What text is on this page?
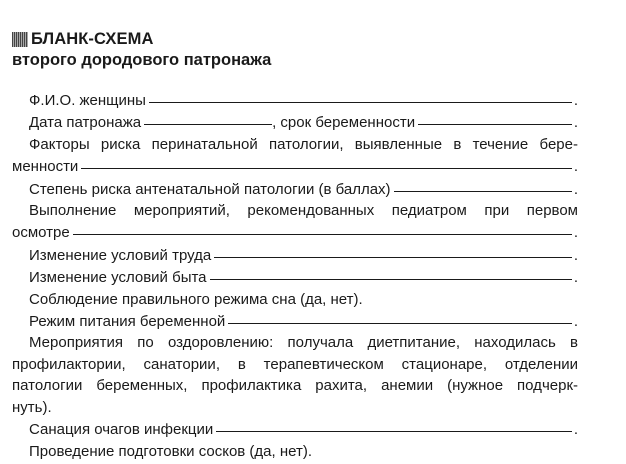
БЛАНК-СХЕМА
второго дородового патронажа
Ф.И.О. женщины	.
Дата патронажа	, срок беременности	.
Факторы риска перинатальной патологии, выявленные в течение бере-
менности	.
Степень риска антенатальной патологии (в баллах)	.
Выполнение мероприятий, рекомендованных педиатром при первом
осмотре	.
Изменение условий труда	.
Изменение условий быта	.
Соблюдение правильного режима сна (да, нет).
Режим питания беременной	.
Мероприятия по оздоровлению: получала диетпитание, находилась в
профилактории, санатории, в терапевтическом стационаре, отделении
патологии беременных, профилактика рахита, анемии (нужное подчерк-
нуть).
Санация очагов инфекции	.
Проведение подготовки сосков (да, нет).
